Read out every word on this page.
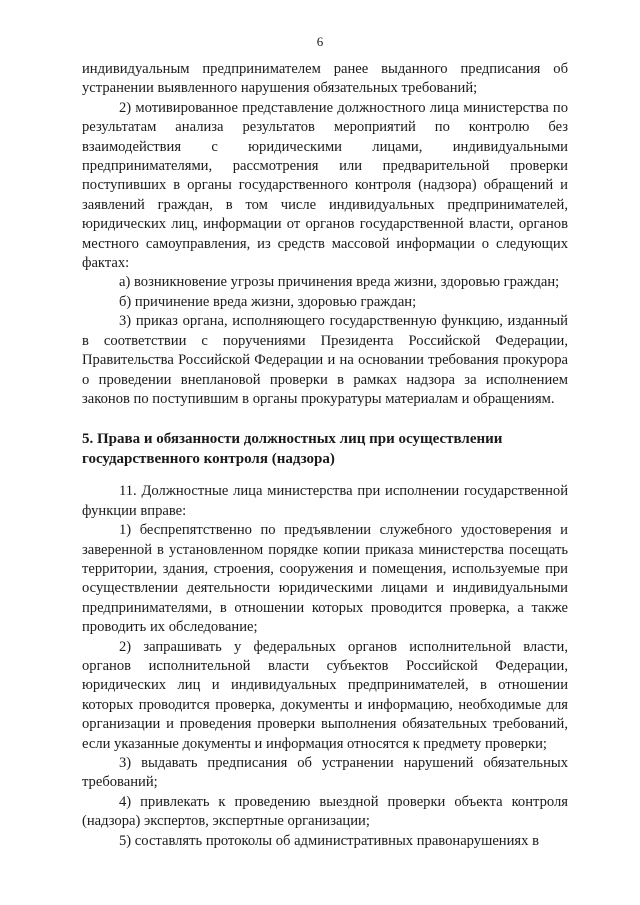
6

индивидуальным предпринимателем ранее выданного предписания об устранении выявленного нарушения обязательных требований;

2) мотивированное представление должностного лица министерства по результатам анализа результатов мероприятий по контролю без взаимодействия с юридическими лицами, индивидуальными предпринимателями, рассмотрения или предварительной проверки поступивших в органы государственного контроля (надзора) обращений и заявлений граждан, в том числе индивидуальных предпринимателей, юридических лиц, информации от органов государственной власти, органов местного самоуправления, из средств массовой информации о следующих фактах:

а) возникновение угрозы причинения вреда жизни, здоровью граждан;

б) причинение вреда жизни, здоровью граждан;

3) приказ органа, исполняющего государственную функцию, изданный в соответствии с поручениями Президента Российской Федерации, Правительства Российской Федерации и на основании требования прокурора о проведении внеплановой проверки в рамках надзора за исполнением законов по поступившим в органы прокуратуры материалам и обращениям.

5. Права и обязанности должностных лиц при осуществлении

государственного контроля (надзора)

11. Должностные лица министерства при исполнении государственной функции вправе:

1) беспрепятственно по предъявлении служебного удостоверения и заверенной в установленном порядке копии приказа министерства посещать территории, здания, строения, сооружения и помещения, используемые при осуществлении деятельности юридическими лицами и индивидуальными предпринимателями, в отношении которых проводится проверка, а также проводить их обследование;

2) запрашивать у федеральных органов исполнительной власти, органов исполнительной власти субъектов Российской Федерации, юридических лиц и индивидуальных предпринимателей, в отношении которых проводится проверка, документы и информацию, необходимые для организации и проведения проверки выполнения обязательных требований, если указанные документы и информация относятся к предмету проверки;

3) выдавать предписания об устранении нарушений обязательных требований;

4) привлекать к проведению выездной проверки объекта контроля (надзора) экспертов, экспертные организации;

5) составлять протоколы об административных правонарушениях в
